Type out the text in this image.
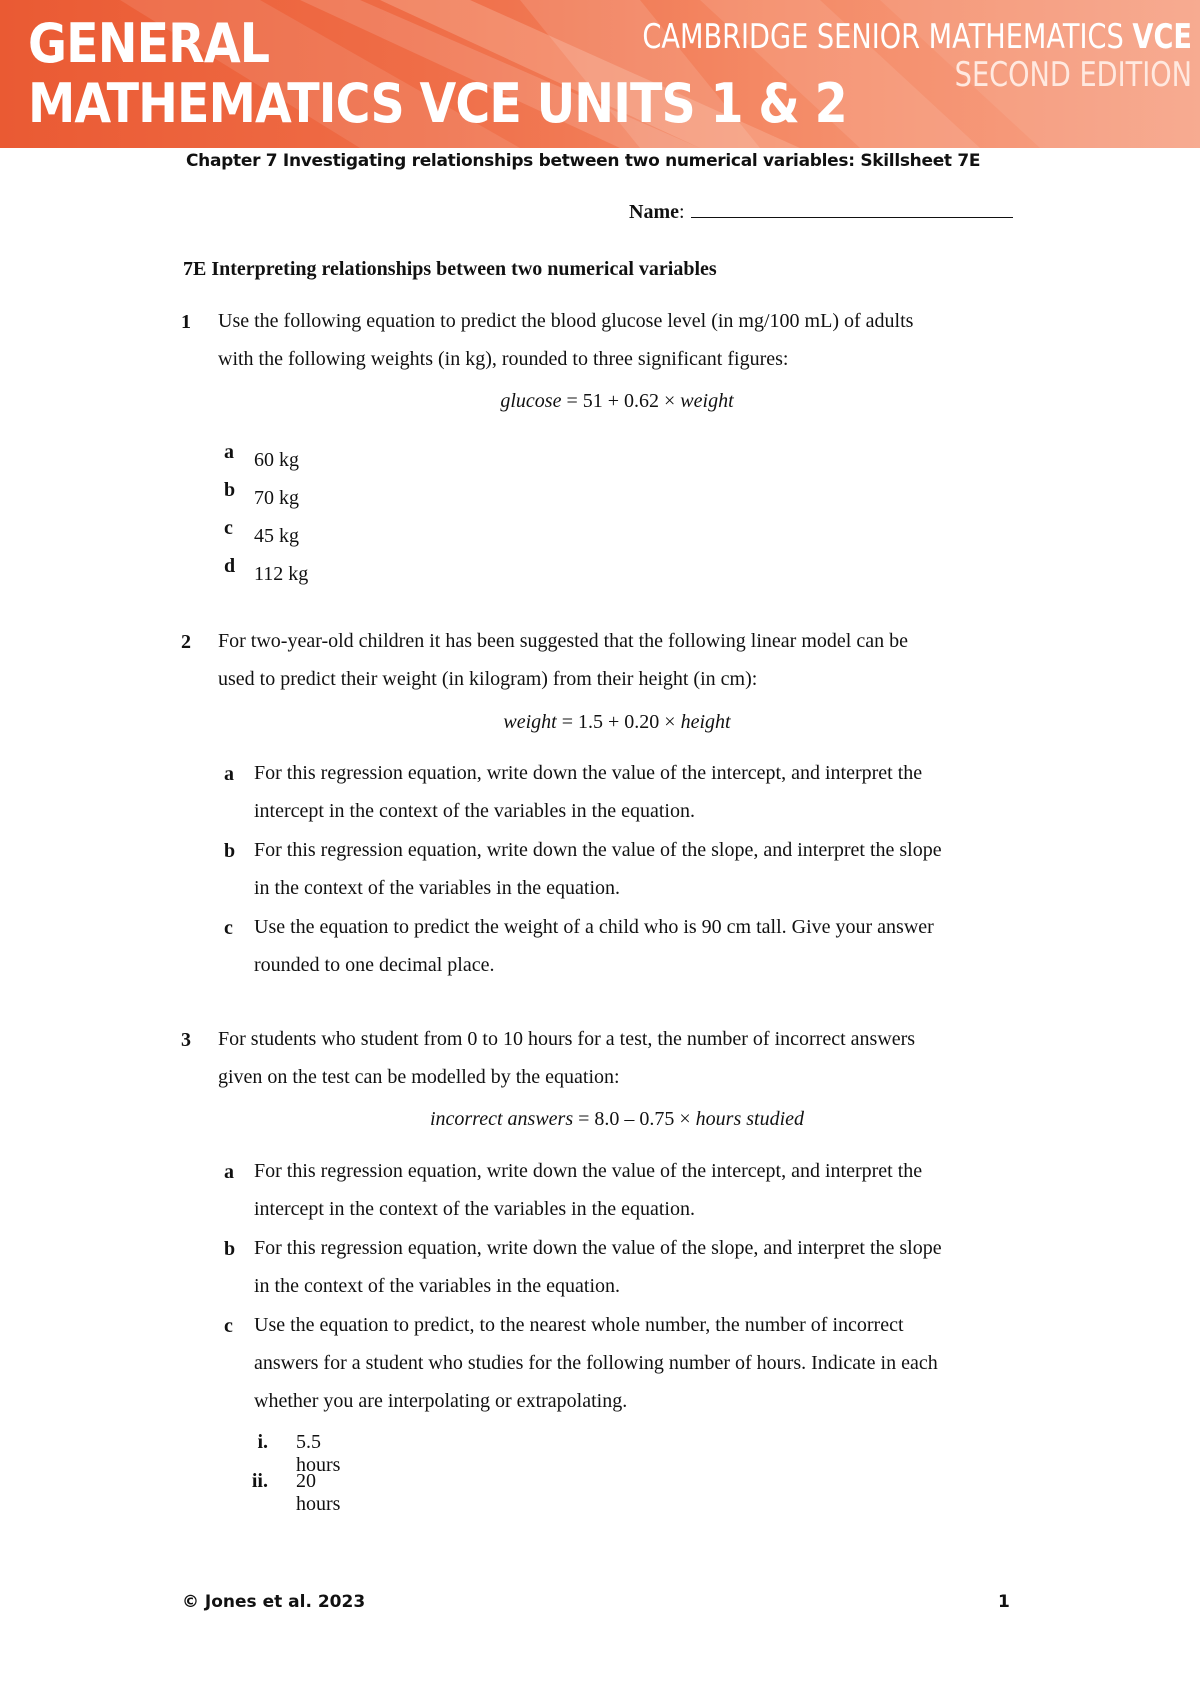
GENERAL
MATHEMATICS VCE UNITS 1 & 2
CAMBRIDGE SENIOR MATHEMATICS VCE
SECOND EDITION
Chapter 7 Investigating relationships between two numerical variables: Skillsheet 7E
Name:
7E Interpreting relationships between two numerical variables
1 Use the following equation to predict the blood glucose level (in mg/100 mL) of adults
with the following weights (in kg), rounded to three significant figures:
glucose = 51 + 0.62 × weight
a 60 kg
b 70 kg
c 45 kg
d 112 kg
2 For two-year-old children it has been suggested that the following linear model can be
used to predict their weight (in kilogram) from their height (in cm):
weight = 1.5 + 0.20 × height
a For this regression equation, write down the value of the intercept, and interpret the
intercept in the context of the variables in the equation.
b For this regression equation, write down the value of the slope, and interpret the slope
in the context of the variables in the equation.
c Use the equation to predict the weight of a child who is 90 cm tall. Give your answer
rounded to one decimal place.
3 For students who student from 0 to 10 hours for a test, the number of incorrect answers
given on the test can be modelled by the equation:
incorrect answers = 8.0 – 0.75 × hours studied
a For this regression equation, write down the value of the intercept, and interpret the
intercept in the context of the variables in the equation.
b For this regression equation, write down the value of the slope, and interpret the slope
in the context of the variables in the equation.
c Use the equation to predict, to the nearest whole number, the number of incorrect
answers for a student who studies for the following number of hours. Indicate in each
whether you are interpolating or extrapolating.
i. 5.5 hours
ii. 20 hours
© Jones et al. 2023	1
